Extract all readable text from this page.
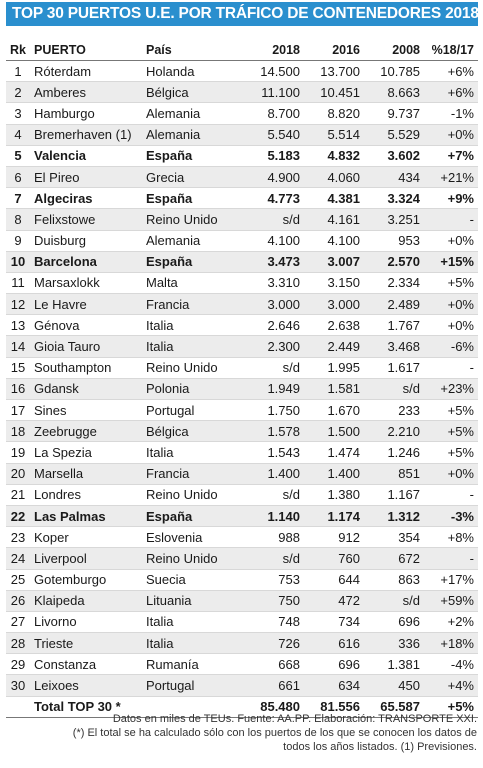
TOP 30 PUERTOS U.E. POR TRÁFICO DE CONTENEDORES 2018
Rk	PUERTO	País	2018	2016	2008	%18/17
1	Róterdam	Holanda	14.500	13.700	10.785	+6%
2	Amberes	Bélgica	11.100	10.451	8.663	+6%
3	Hamburgo	Alemania	8.700	8.820	9.737	-1%
4	Bremerhaven (1)	Alemania	5.540	5.514	5.529	+0%
5	Valencia	España	5.183	4.832	3.602	+7%
6	El Pireo	Grecia	4.900	4.060	434	+21%
7	Algeciras	España	4.773	4.381	3.324	+9%
8	Felixstowe	Reino Unido	s/d	4.161	3.251	-
9	Duisburg	Alemania	4.100	4.100	953	+0%
10	Barcelona	España	3.473	3.007	2.570	+15%
11	Marsaxlokk	Malta	3.310	3.150	2.334	+5%
12	Le Havre	Francia	3.000	3.000	2.489	+0%
13	Génova	Italia	2.646	2.638	1.767	+0%
14	Gioia Tauro	Italia	2.300	2.449	3.468	-6%
15	Southampton	Reino Unido	s/d	1.995	1.617	-
16	Gdansk	Polonia	1.949	1.581	s/d	+23%
17	Sines	Portugal	1.750	1.670	233	+5%
18	Zeebrugge	Bélgica	1.578	1.500	2.210	+5%
19	La Spezia	Italia	1.543	1.474	1.246	+5%
20	Marsella	Francia	1.400	1.400	851	+0%
21	Londres	Reino Unido	s/d	1.380	1.167	-
22	Las Palmas	España	1.140	1.174	1.312	-3%
23	Koper	Eslovenia	988	912	354	+8%
24	Liverpool	Reino Unido	s/d	760	672	-
25	Gotemburgo	Suecia	753	644	863	+17%
26	Klaipeda	Lituania	750	472	s/d	+59%
27	Livorno	Italia	748	734	696	+2%
28	Trieste	Italia	726	616	336	+18%
29	Constanza	Rumanía	668	696	1.381	-4%
30	Leixoes	Portugal	661	634	450	+4%
	Total TOP 30 *		85.480	81.556	65.587	+5%
Datos en miles de TEUs. Fuente: AA.PP. Elaboración: TRANSPORTE XXI.
(*) El total se ha calculado sólo con los puertos de los que se conocen los datos de
todos los años listados. (1) Previsiones.
